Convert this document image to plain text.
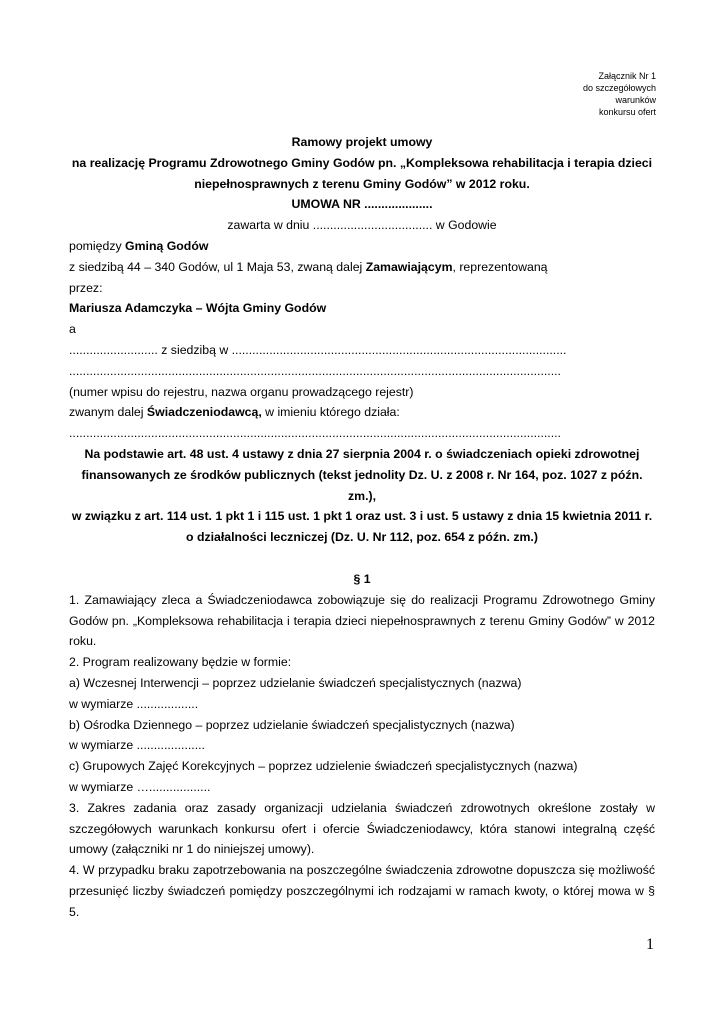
Załącznik Nr 1
do szczegółowych
warunków
konkursu ofert
Ramowy projekt umowy
na realizację Programu Zdrowotnego Gminy Godów pn. „Kompleksowa rehabilitacja i terapia dzieci niepełnosprawnych z terenu Gminy Godów” w 2012 roku.
UMOWA NR ....................
zawarta w dniu ................................... w Godowie
pomiędzy Gminą Godów
z siedzibą 44 – 340 Godów, ul 1 Maja 53, zwaną dalej Zamawiającym, reprezentowaną
przez:
Mariusza Adamczyka – Wójta Gminy Godów
a
.......................... z siedzibą w ..................................................................................................
................................................................................................................................................
(numer wpisu do rejestru, nazwa organu prowadzącego rejestr)
zwanym dalej Świadczeniodawcą, w imieniu którego działa:
................................................................................................................................................
Na podstawie art. 48 ust. 4 ustawy z dnia 27 sierpnia 2004 r. o świadczeniach opieki zdrowotnej
finansowanych ze środków publicznych (tekst jednolity Dz. U. z 2008 r. Nr 164, poz. 1027 z późn. zm.),
w związku z art. 114 ust. 1 pkt 1 i 115 ust. 1 pkt 1 oraz ust. 3 i ust. 5 ustawy z dnia 15 kwietnia 2011 r.
o działalności leczniczej (Dz. U. Nr 112, poz. 654 z późn. zm.)
§ 1
1. Zamawiający zleca a Świadczeniodawca zobowiązuje się do realizacji Programu Zdrowotnego Gminy Godów pn. „Kompleksowa rehabilitacja i terapia dzieci niepełnosprawnych z terenu Gminy Godów” w 2012 roku.
2. Program realizowany będzie w formie:
a) Wczesnej Interwencji – poprzez udzielanie świadczeń specjalistycznych (nazwa)
w wymiarze ..................
b) Ośrodka Dziennego – poprzez udzielanie świadczeń specjalistycznych (nazwa)
w wymiarze ....................
c) Grupowych Zajęć Korekcyjnych – poprzez udzielenie świadczeń specjalistycznych (nazwa)
w wymiarze …..................
3. Zakres zadania oraz zasady organizacji udzielania świadczeń zdrowotnych określone zostały w szczegółowych warunkach konkursu ofert i ofercie Świadczeniodawcy, która stanowi integralną część umowy (załączniki nr 1 do niniejszej umowy).
4. W przypadku braku zapotrzebowania na poszczególne świadczenia zdrowotne dopuszcza się możliwość przesunięć liczby świadczeń pomiędzy poszczególnymi ich rodzajami w ramach kwoty, o której mowa w § 5.
1
